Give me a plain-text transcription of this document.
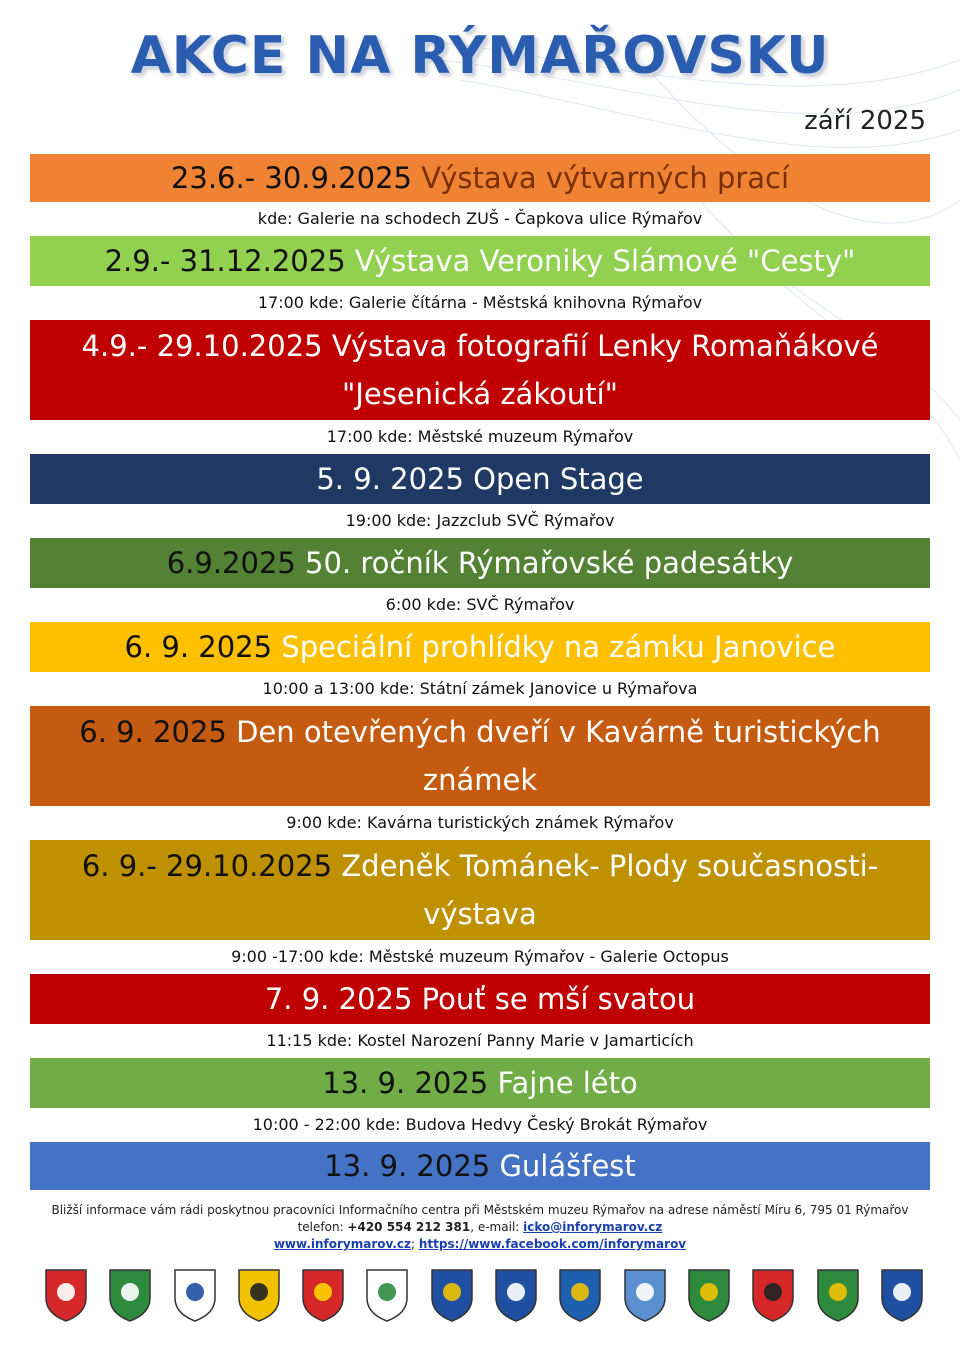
AKCE NA RÝMAŘOVSKU
září 2025
23.6.- 30.9.2025 Výstava výtvarných prací
kde: Galerie na schodech ZUŠ - Čapkova ulice Rýmařov
2.9.- 31.12.2025 Výstava Veroniky Slámové "Cesty"
17:00 kde: Galerie čítárna - Městská knihovna Rýmařov
4.9.- 29.10.2025 Výstava fotografií Lenky Romaňákové "Jesenická zákoutí"
17:00 kde: Městské muzeum Rýmařov
5. 9. 2025 Open Stage
19:00 kde: Jazzclub SVČ Rýmařov
6.9.2025 50. ročník Rýmařovské padesátky
6:00 kde: SVČ Rýmařov
6. 9. 2025 Speciální prohlídky na zámku Janovice
10:00 a 13:00 kde: Státní zámek Janovice u Rýmařova
6. 9. 2025 Den otevřených dveří v Kavárně turistických známek
9:00 kde: Kavárna turistických známek Rýmařov
6. 9.- 29.10.2025 Zdeněk Tománek- Plody současnosti- výstava
9:00 -17:00 kde: Městské muzeum Rýmařov - Galerie Octopus
7. 9. 2025 Pouť se mší svatou
11:15 kde: Kostel Narození Panny Marie v Jamarticích
13. 9. 2025 Fajne léto
10:00 - 22:00 kde: Budova Hedvy Český Brokát Rýmařov
13. 9. 2025 Gulášfest
Bližší informace vám rádi poskytnou pracovníci Informačního centra při Městském muzeu Rýmařov na adrese náměstí Míru 6, 795 01 Rýmařov
telefon: +420 554 212 381, e-mail: icko@inforymarov.cz
www.inforymarov.cz; https://www.facebook.com/inforymarov
